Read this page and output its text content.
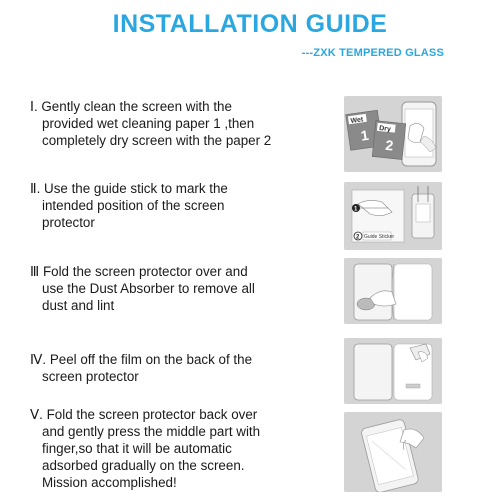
INSTALLATION GUIDE
---ZXK TEMPERED GLASS
Ⅰ. Gently clean the screen with the
provided wet cleaning paper 1 ,then
completely dry screen with the paper 2
Wet
1 Dry
2
Ⅱ. Use the guide stick to mark the
intended position of the screen
protector
1
2 Guide Sticker
Ⅲ Fold the screen protector over and
use the Dust Absorber to remove all
dust and lint
Ⅳ. Peel off the film on the back of the
screen protector
Ⅴ. Fold the screen protector back over
and gently press the middle part with
finger,so that it will be automatic
adsorbed gradually on the screen.
Mission accomplished!
